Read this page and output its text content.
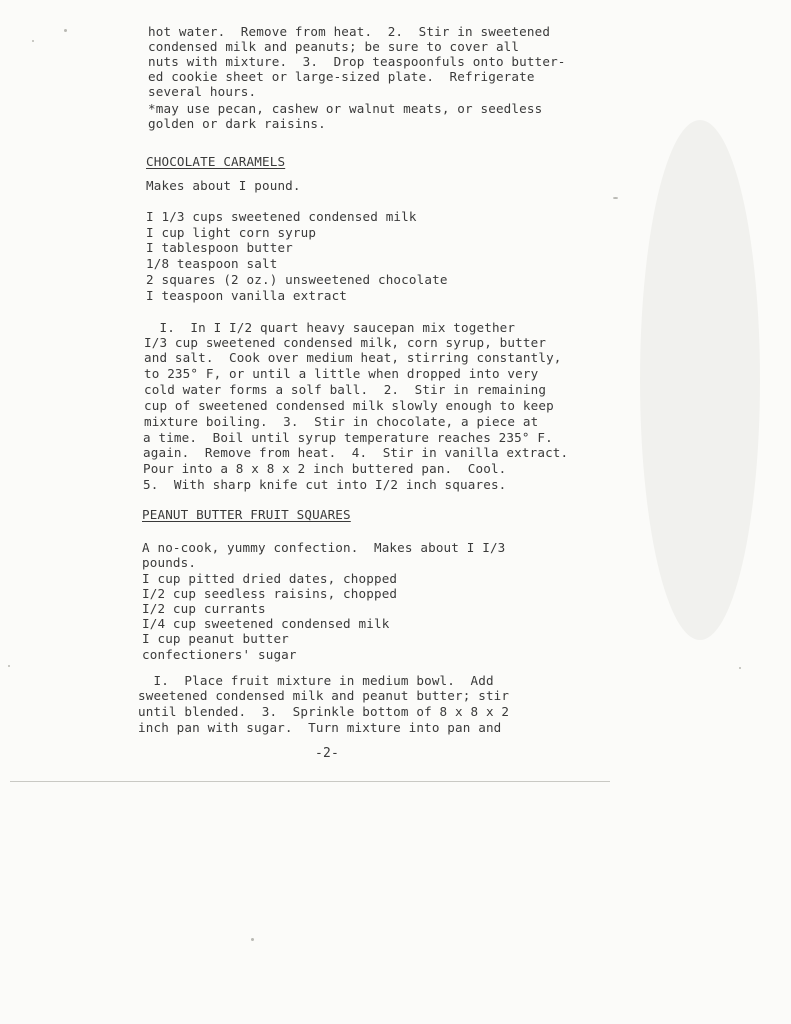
hot water.  Remove from heat.  2.  Stir in sweetened
condensed milk and peanuts; be sure to cover all
nuts with mixture.  3.  Drop teaspoonfuls onto butter-
ed cookie sheet or large-sized plate.  Refrigerate
several hours.
*may use pecan, cashew or walnut meats, or seedless
golden or dark raisins.
CHOCOLATE CARAMELS
Makes about I pound.
I 1/3 cups sweetened condensed milk
I cup light corn syrup
I tablespoon butter
1/8 teaspoon salt
2 squares (2 oz.) unsweetened chocolate
I teaspoon vanilla extract
I.  In I I/2 quart heavy saucepan mix together
I/3 cup sweetened condensed milk, corn syrup, butter
and salt.  Cook over medium heat, stirring constantly,
to 235° F, or until a little when dropped into very
cold water forms a solf ball.  2.  Stir in remaining
cup of sweetened condensed milk slowly enough to keep
mixture boiling.  3.  Stir in chocolate, a piece at
a time.  Boil until syrup temperature reaches 235° F.
again.  Remove from heat.  4.  Stir in vanilla extract.
Pour into a 8 x 8 x 2 inch buttered pan.  Cool.
5.  With sharp knife cut into I/2 inch squares.
PEANUT BUTTER FRUIT SQUARES
A no-cook, yummy confection.  Makes about I I/3
pounds.
I cup pitted dried dates, chopped
I/2 cup seedless raisins, chopped
I/2 cup currants
I/4 cup sweetened condensed milk
I cup peanut butter
confectioners' sugar
I.  Place fruit mixture in medium bowl.  Add
sweetened condensed milk and peanut butter; stir
until blended.  3.  Sprinkle bottom of 8 x 8 x 2
inch pan with sugar.  Turn mixture into pan and
-2-
